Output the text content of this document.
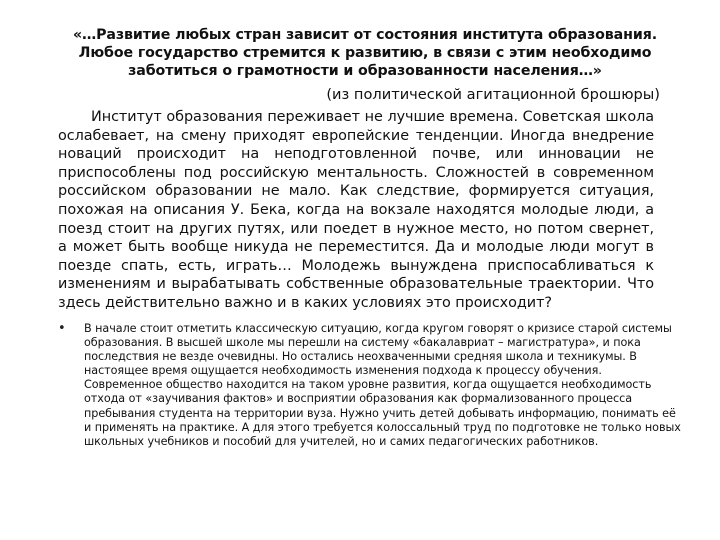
«…Развитие любых стран зависит от состояния института образования. Любое государство стремится к развитию, в связи с этим необходимо заботиться о грамотности и образованности населения…»
(из политической агитационной брошюры)
Институт образования переживает не лучшие времена. Советская школа ослабевает, на смену приходят европейские тенденции. Иногда внедрение новаций происходит на неподготовленной почве, или инновации не приспособлены под российскую ментальность. Сложностей в современном российском образовании не мало. Как следствие, формируется ситуация, похожая на описания У. Бека, когда на вокзале находятся молодые люди, а поезд стоит на других путях, или поедет в нужное место, но потом свернет, а может быть вообще никуда не переместится. Да и молодые люди могут в поезде спать, есть, играть… Молодежь вынуждена приспосабливаться к изменениям и вырабатывать собственные образовательные траектории. Что здесь действительно важно и в каких условиях это происходит?
• В начале стоит отметить классическую ситуацию, когда кругом говорят о кризисе старой системы образования. В высшей школе мы перешли на систему «бакалавриат – магистратура», и пока последствия не везде очевидны. Но остались неохваченными средняя школа и техникумы. В настоящее время ощущается необходимость изменения подхода к процессу обучения. Современное общество находится на таком уровне развития, когда ощущается необходимость отхода от «заучивания фактов» и восприятии образования как формализованного процесса пребывания студента на территории вуза. Нужно учить детей добывать информацию, понимать её и применять на практике. А для этого требуется колоссальный труд по подготовке не только новых школьных учебников и пособий для учителей, но и самих педагогических работников.
